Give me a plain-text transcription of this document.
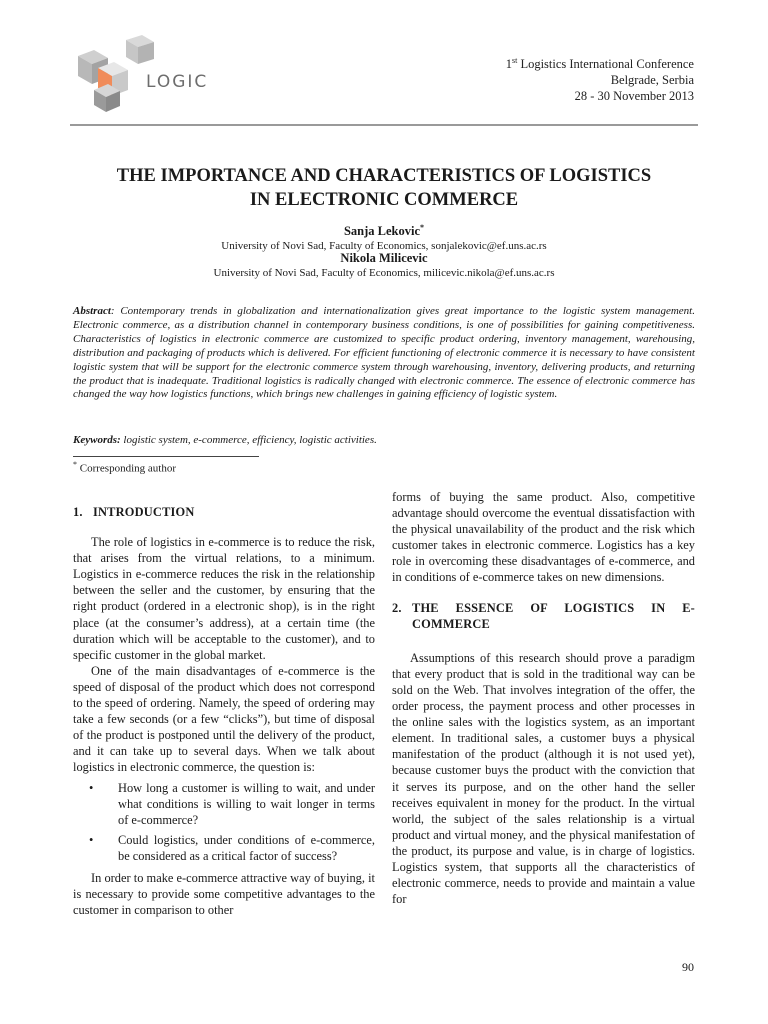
LOGIC
1st Logistics International Conference
Belgrade, Serbia
28 - 30 November 2013
THE IMPORTANCE AND CHARACTERISTICS OF LOGISTICS
IN ELECTRONIC COMMERCE
Sanja Lekovic*
University of Novi Sad, Faculty of Economics, sonjalekovic@ef.uns.ac.rs
Nikola Milicevic
University of Novi Sad, Faculty of Economics, milicevic.nikola@ef.uns.ac.rs
Abstract: Contemporary trends in globalization and internationalization gives great importance to the logistic system management. Electronic commerce, as a distribution channel in contemporary business conditions, is one of possibilities for gaining competitiveness. Characteristics of logistics in electronic commerce are customized to specific product ordering, inventory management, warehousing, distribution and packaging of products which is delivered. For efficient functioning of electronic commerce it is necessary to have consistent logistic system that will be support for the electronic commerce system through warehousing, inventory, delivering products, and returning the product that is inadequate. Traditional logistics is radically changed with electronic commerce. The essence of electronic commerce has changed the way how logistics functions, which brings new challenges in gaining efficiency of logistic system.
Keywords: logistic system, e-commerce, efficiency, logistic activities.
* Corresponding author
1. INTRODUCTION

The role of logistics in e-commerce is to reduce the risk, that arises from the virtual relations, to a minimum. Logistics in e-commerce reduces the risk in the relationship between the seller and the customer, by ensuring that the right product (ordered in a electronic shop), is in the right place (at the consumer’s address), at a certain time (the duration which will be acceptable to the customer), and to specific customer in the global market.

One of the main disadvantages of e-commerce is the speed of disposal of the product which does not correspond to the speed of ordering. Namely, the speed of ordering may take a few seconds (or a few “clicks”), but time of disposal of the product is postponed until the delivery of the product, and it can take up to several days. When we talk about logistics in electronic commerce, the question is:

• How long a customer is willing to wait, and under what conditions is willing to wait longer in terms of e-commerce?
• Could logistics, under conditions of e-commerce, be considered as a critical factor of success?

In order to make e-commerce attractive way of buying, it is necessary to provide some competitive advantages to the customer in comparison to other

forms of buying the same product. Also, competitive advantage should overcome the eventual dissatisfaction with the physical unavailability of the product and the risk which customer takes in electronic commerce. Logistics has a key role in overcoming these disadvantages of e-commerce, and in conditions of e-commerce takes on new dimensions.

2. THE ESSENCE OF LOGISTICS IN E-COMMERCE

Assumptions of this research should prove a paradigm that every product that is sold in the traditional way can be sold on the Web. That involves integration of the offer, the order process, the payment process and other processes in the online sales with the logistics system, as an important element. In traditional sales, a customer buys a physical manifestation of the product (although it is not used yet), because customer buys the product with the conviction that it serves its purpose, and on the other hand the seller receives equivalent in money for the product. In the virtual world, the subject of the sales relationship is a virtual product and virtual money, and the physical manifestation of the product, its purpose and value, is in charge of logistics. Logistics system, that supports all the characteristics of electronic commerce, needs to provide and maintain a value for

90
